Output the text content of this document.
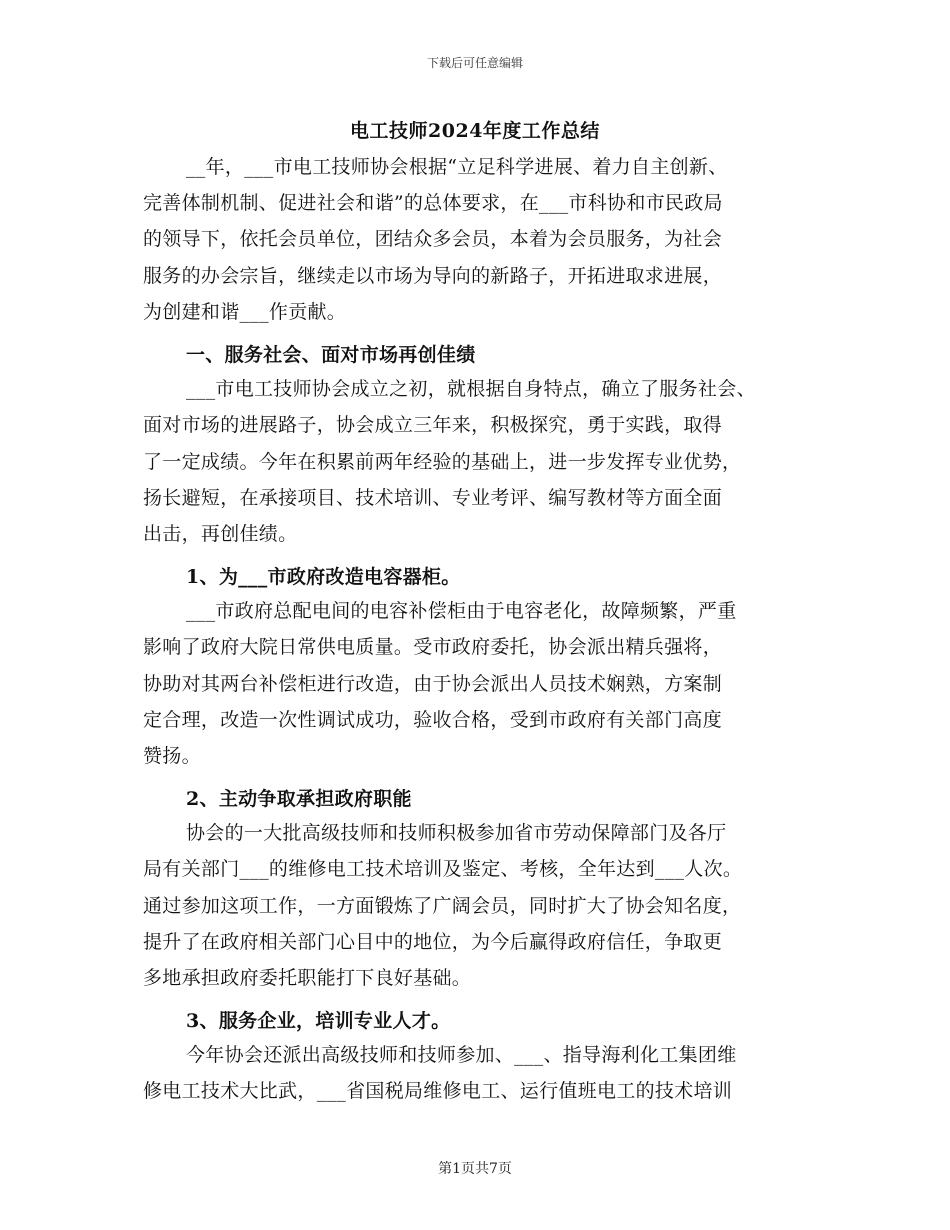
下载后可任意编辑
电工技师2024年度工作总结
__年，___市电工技师协会根据“立足科学进展、着力自主创新、
完善体制机制、促进社会和谐”的总体要求，在___市科协和市民政局
的领导下，依托会员单位，团结众多会员，本着为会员服务，为社会
服务的办会宗旨，继续走以市场为导向的新路子，开拓进取求进展，
为创建和谐___作贡献。
一、服务社会、面对市场再创佳绩
___市电工技师协会成立之初，就根据自身特点，确立了服务社会、
面对市场的进展路子，协会成立三年来，积极探究，勇于实践，取得
了一定成绩。今年在积累前两年经验的基础上，进一步发挥专业优势，
扬长避短，在承接项目、技术培训、专业考评、编写教材等方面全面
出击，再创佳绩。
1、为___市政府改造电容器柜。
___市政府总配电间的电容补偿柜由于电容老化，故障频繁，严重
影响了政府大院日常供电质量。受市政府委托，协会派出精兵强将，
协助对其两台补偿柜进行改造，由于协会派出人员技术娴熟，方案制
定合理，改造一次性调试成功，验收合格，受到市政府有关部门高度
赞扬。
2、主动争取承担政府职能
协会的一大批高级技师和技师积极参加省市劳动保障部门及各厅
局有关部门___的维修电工技术培训及鉴定、考核，全年达到___人次。
通过参加这项工作，一方面锻炼了广阔会员，同时扩大了协会知名度，
提升了在政府相关部门心目中的地位，为今后赢得政府信任，争取更
多地承担政府委托职能打下良好基础。
3、服务企业，培训专业人才。
今年协会还派出高级技师和技师参加、___、指导海利化工集团维
修电工技术大比武，___省国税局维修电工、运行值班电工的技术培训
第1页共7页
